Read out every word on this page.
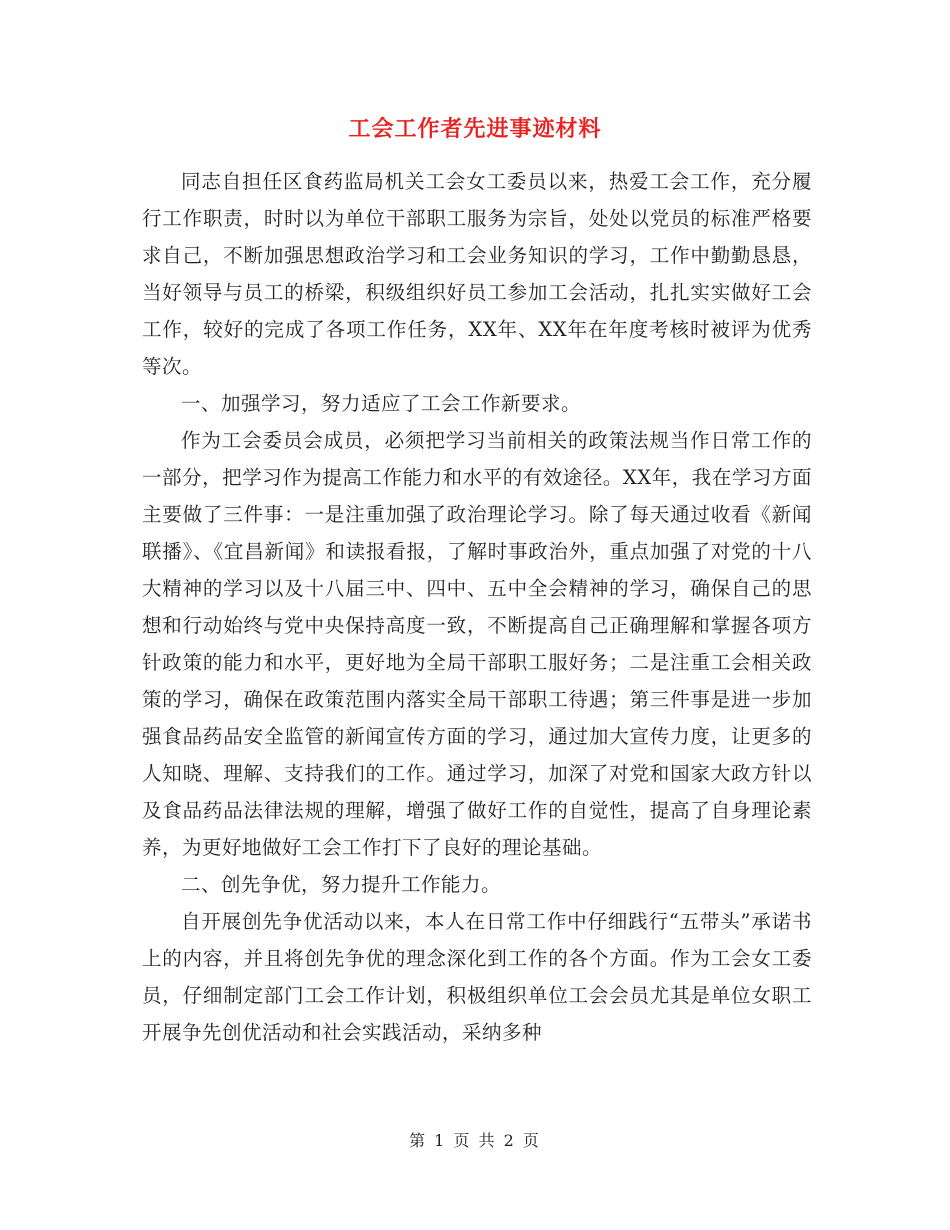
工会工作者先进事迹材料

同志自担任区食药监局机关工会女工委员以来，热爱工会工作，充分履行工作职责，时时以为单位干部职工服务为宗旨，处处以党员的标准严格要求自己，不断加强思想政治学习和工会业务知识的学习，工作中勤勤恳恳，当好领导与员工的桥梁，积级组织好员工参加工会活动，扎扎实实做好工会工作，较好的完成了各项工作任务，XX年、XX年在年度考核时被评为优秀等次。

一、加强学习，努力适应了工会工作新要求。

作为工会委员会成员，必须把学习当前相关的政策法规当作日常工作的一部分，把学习作为提高工作能力和水平的有效途径。XX年，我在学习方面主要做了三件事：一是注重加强了政治理论学习。除了每天通过收看《新闻联播》、《宜昌新闻》和读报看报，了解时事政治外，重点加强了对党的十八大精神的学习以及十八届三中、四中、五中全会精神的学习，确保自己的思想和行动始终与党中央保持高度一致，不断提高自己正确理解和掌握各项方针政策的能力和水平，更好地为全局干部职工服好务；二是注重工会相关政策的学习，确保在政策范围内落实全局干部职工待遇；第三件事是进一步加强食品药品安全监管的新闻宣传方面的学习，通过加大宣传力度，让更多的人知晓、理解、支持我们的工作。通过学习，加深了对党和国家大政方针以及食品药品法律法规的理解，增强了做好工作的自觉性，提高了自身理论素养，为更好地做好工会工作打下了良好的理论基础。

二、创先争优，努力提升工作能力。

自开展创先争优活动以来，本人在日常工作中仔细践行“五带头”承诺书上的内容，并且将创先争优的理念深化到工作的各个方面。作为工会女工委员，仔细制定部门工会工作计划，积极组织单位工会会员尤其是单位女职工开展争先创优活动和社会实践活动，采纳多种

第 1 页 共 2 页
